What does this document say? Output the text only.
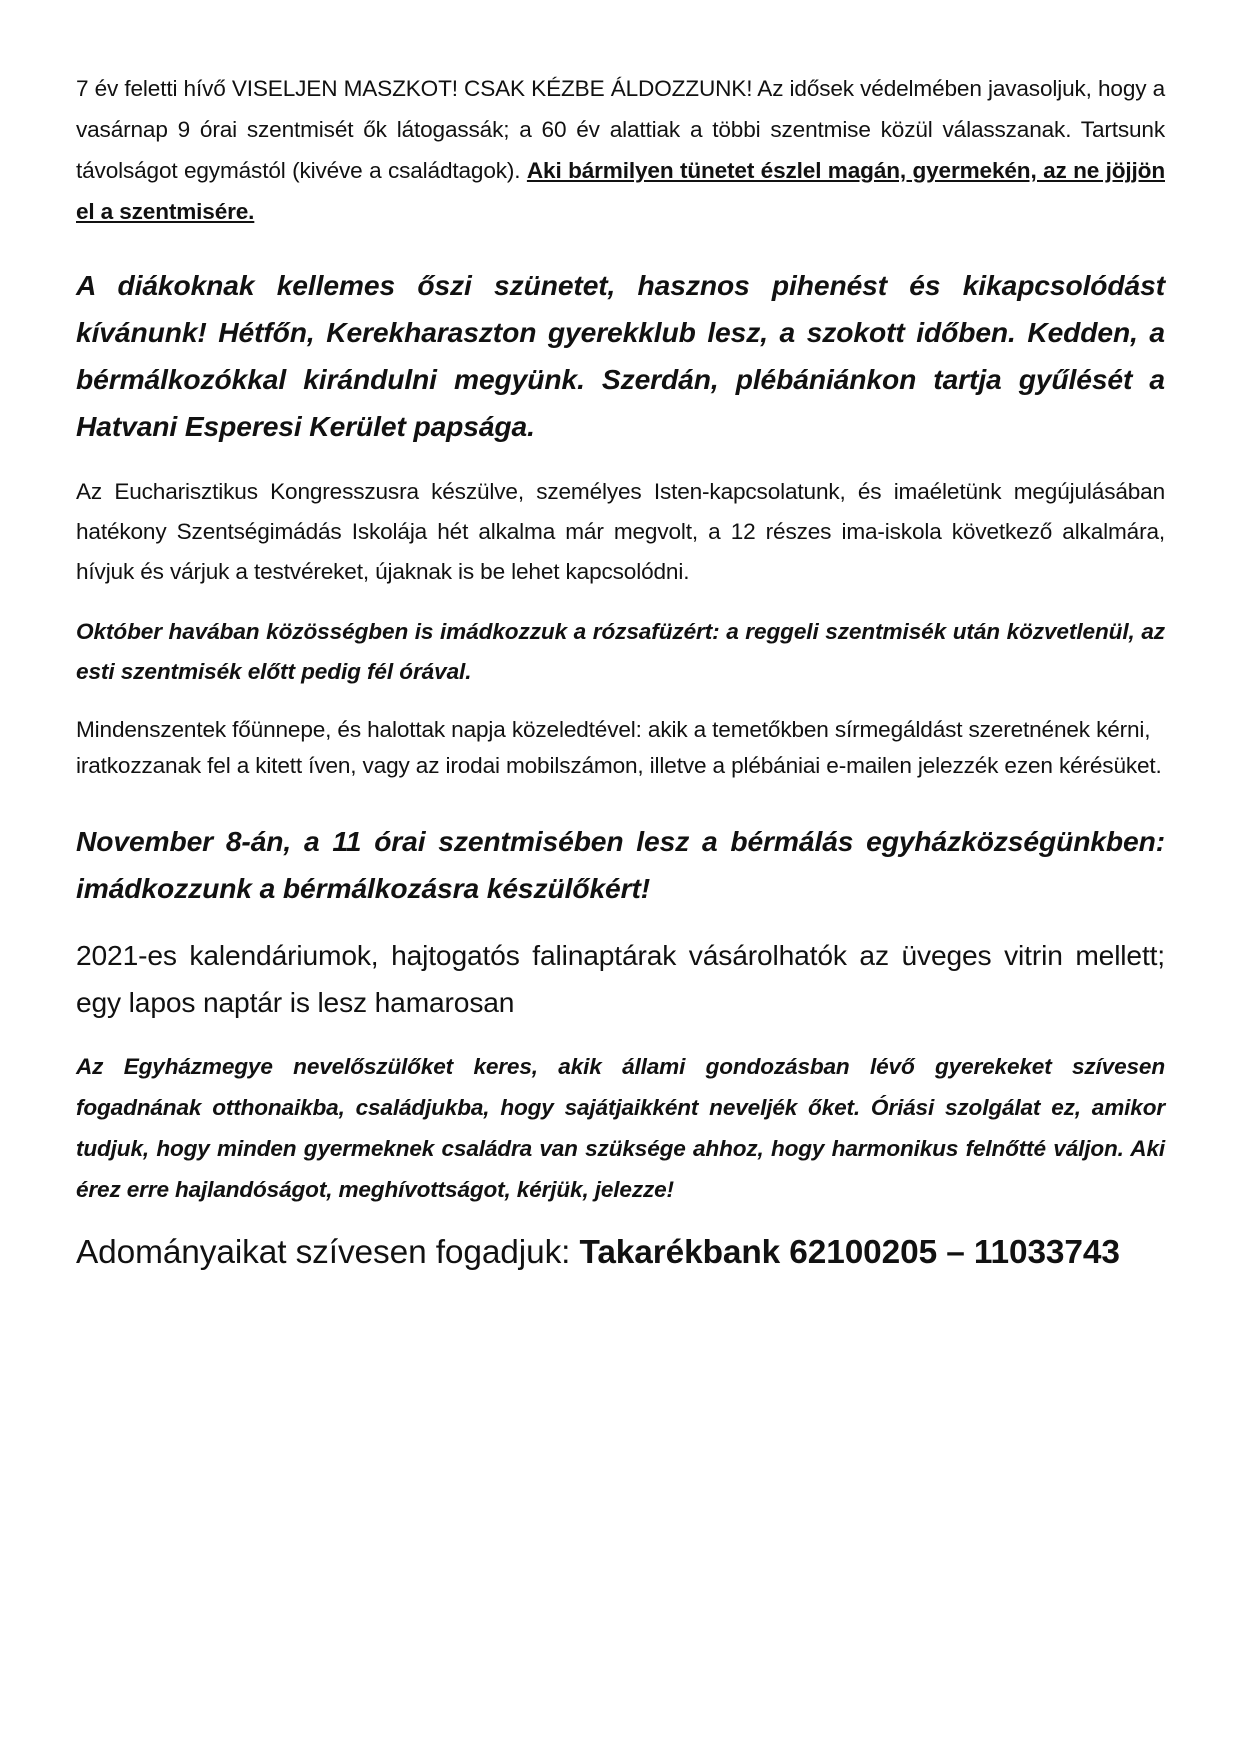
7 év feletti hívő VISELJEN MASZKOT! CSAK KÉZBE ÁLDOZZUNK! Az idősek védelmében javasoljuk, hogy a vasárnap 9 órai szentmisét ők látogassák; a 60 év alattiak a többi szentmise közül válasszanak. Tartsunk távolságot egymástól (kivéve a családtagok). Aki bármilyen tünetet észlel magán, gyermekén, az ne jöjjön el a szentmisére.

A diákoknak kellemes őszi szünetet, hasznos pihenést és kikapcsolódást kívánunk! Hétfőn, Kerekharaszton gyerekklub lesz, a szokott időben. Kedden, a bérmálkozókkal kirándulni megyünk. Szerdán, plébániánkon tartja gyűlését a Hatvani Esperesi Kerület papsága.

Az Eucharisztikus Kongresszusra készülve, személyes Isten-kapcsolatunk, és imaéletünk megújulásában hatékony Szentségimádás Iskolája hét alkalma már megvolt, a 12 részes ima-iskola következő alkalmára, hívjuk és várjuk a testvéreket, újaknak is be lehet kapcsolódni.

Október havában közösségben is imádkozzuk a rózsafüzért: a reggeli szentmisék után közvetlenül, az esti szentmisék előtt pedig fél órával.

Mindenszentek főünnepe, és halottak napja közeledtével: akik a temetőkben sírmegáldást szeretnének kérni, iratkozzanak fel a kitett íven, vagy az irodai mobilszámon, illetve a plébániai e-mailen jelezzék ezen kérésüket.

November 8-án, a 11 órai szentmisében lesz a bérmálás egyházközségünkben: imádkozzunk a bérmálkozásra készülőkért!

2021-es kalendáriumok, hajtogatós falinaptárak vásárolhatók az üveges vitrin mellett; egy lapos naptár is lesz hamarosan

Az Egyházmegye nevelőszülőket keres, akik állami gondozásban lévő gyerekeket szívesen fogadnának otthonaikba, családjukba, hogy sajátjaikként neveljék őket. Óriási szolgálat ez, amikor tudjuk, hogy minden gyermeknek családra van szüksége ahhoz, hogy harmonikus felnőtté váljon. Aki érez erre hajlandóságot, meghívottságot, kérjük, jelezze!

Adományaikat szívesen fogadjuk: Takarékbank 62100205 – 11033743
